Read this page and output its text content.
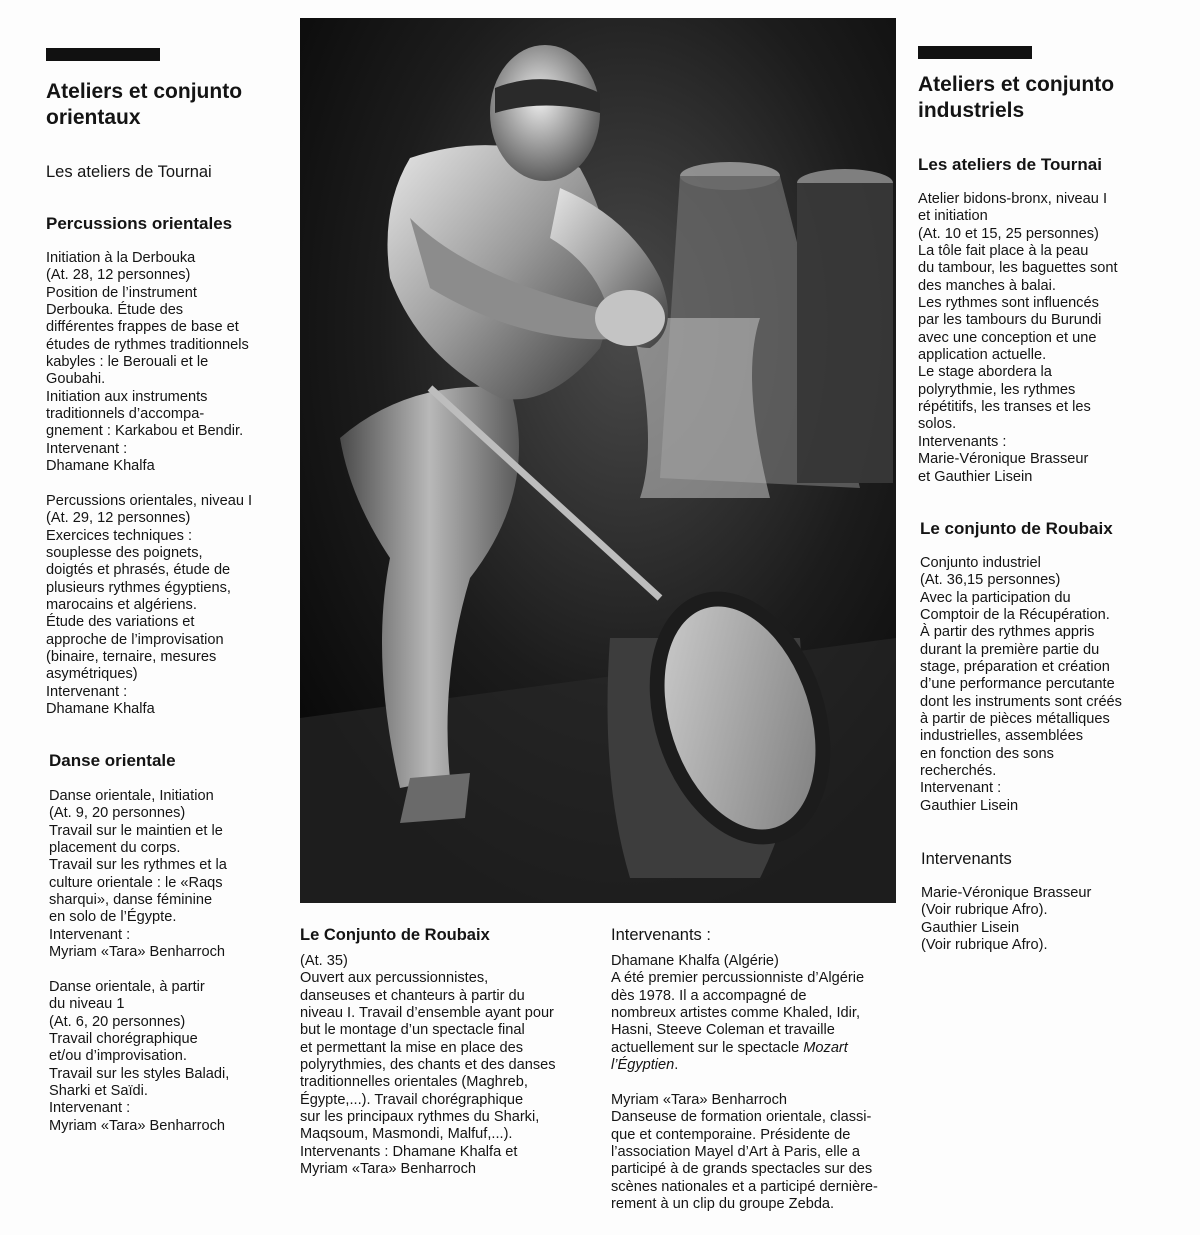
Ateliers et conjunto
orientaux
Les ateliers de Tournai
Percussions orientales

Initiation à la Derbouka
(At. 28, 12 personnes)
Position de l’instrument
Derbouka. Étude des
différentes frappes de base et
études de rythmes traditionnels
kabyles : le Berouali et le
Goubahi.
Initiation aux instruments
traditionnels d’accompa-
gnement : Karkabou et Bendir.
Intervenant :
Dhamane Khalfa

Percussions orientales, niveau I
(At. 29, 12 personnes)
Exercices techniques :
souplesse des poignets,
doigtés et phrasés, étude de
plusieurs rythmes égyptiens,
marocains et algériens.
Étude des variations et
approche de l’improvisation
(binaire, ternaire, mesures
asymétriques)
Intervenant :
Dhamane Khalfa

Danse orientale

Danse orientale, Initiation
(At. 9, 20 personnes)
Travail sur le maintien et le
placement du corps.
Travail sur les rythmes et la
culture orientale : le «Raqs
sharqui», danse féminine
en solo de l’Égypte.
Intervenant :
Myriam «Tara» Benharroch

Danse orientale, à partir
du niveau 1
(At. 6, 20 personnes)
Travail chorégraphique
et/ou d’improvisation.
Travail sur les styles Baladi,
Sharki et Saïdi.
Intervenant :
Myriam «Tara» Benharroch

Le Conjunto de Roubaix

(At. 35)
Ouvert aux percussionnistes,
danseuses et chanteurs à partir du
niveau I. Travail d’ensemble ayant pour
but le montage d’un spectacle final
et permettant la mise en place des
polyrythmies, des chants et des danses
traditionnelles orientales (Maghreb,
Égypte,...). Travail chorégraphique
sur les principaux rythmes du Sharki,
Maqsoum, Masmondi, Malfuf,...).
Intervenants : Dhamane Khalfa et
Myriam «Tara» Benharroch

Intervenants :

Dhamane Khalfa (Algérie)
A été premier percussionniste d’Algérie
dès 1978. Il a accompagné de
nombreux artistes comme Khaled, Idir,
Hasni, Steeve Coleman et travaille
actuellement sur le spectacle Mozart
l’Égyptien.

Myriam «Tara» Benharroch
Danseuse de formation orientale, classi-
que et contemporaine. Présidente de
l’association Mayel d’Art à Paris, elle a
participé à de grands spectacles sur des
scènes nationales et a participé dernière-
rement à un clip du groupe Zebda.

Ateliers et conjunto
industriels
Les ateliers de Tournai

Atelier bidons-bronx, niveau I
et initiation
(At. 10 et 15, 25 personnes)
La tôle fait place à la peau
du tambour, les baguettes sont
des manches à balai.
Les rythmes sont influencés
par les tambours du Burundi
avec une conception et une
application actuelle.
Le stage abordera la
polyrythmie, les rythmes
répétitifs, les transes et les
solos.
Intervenants :
Marie-Véronique Brasseur
et Gauthier Lisein

Le conjunto de Roubaix

Conjunto industriel
(At. 36,15 personnes)
Avec la participation du
Comptoir de la Récupération.
À partir des rythmes appris
durant la première partie du
stage, préparation et création
d’une performance percutante
dont les instruments sont créés
à partir de pièces métalliques
industrielles, assemblées
en fonction des sons
recherchés.
Intervenant :
Gauthier Lisein

Intervenants

Marie-Véronique Brasseur
(Voir rubrique Afro).
Gauthier Lisein
(Voir rubrique Afro).
